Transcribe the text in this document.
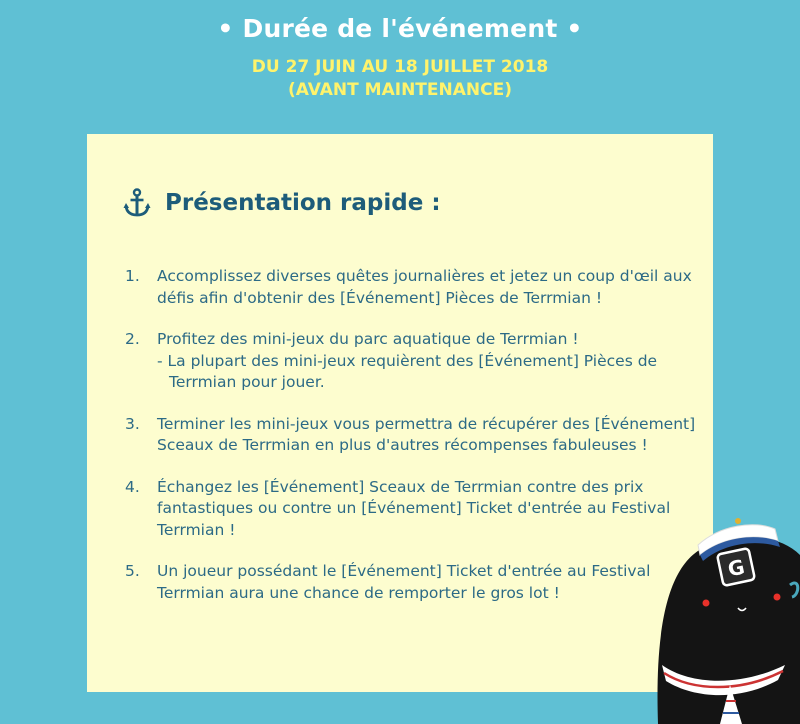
• Durée de l'événement •
DU 27 JUIN AU 18 JUILLET 2018
(AVANT MAINTENANCE)
Présentation rapide :
1.	Accomplissez diverses quêtes journalières et jetez un coup d'œil aux défis afin d'obtenir des [Événement] Pièces de Terrmian !
2.	Profitez des mini-jeux du parc aquatique de Terrmian !
- La plupart des mini-jeux requièrent des [Événement] Pièces de Terrmian pour jouer.
3.	Terminer les mini-jeux vous permettra de récupérer des [Événement] Sceaux de Terrmian en plus d'autres récompenses fabuleuses !
4.	Échangez les [Événement] Sceaux de Terrmian contre des prix fantastiques ou contre un [Événement] Ticket d'entrée au Festival Terrmian !
5.	Un joueur possédant le [Événement] Ticket d'entrée au Festival Terrmian aura une chance de remporter le gros lot !
G
